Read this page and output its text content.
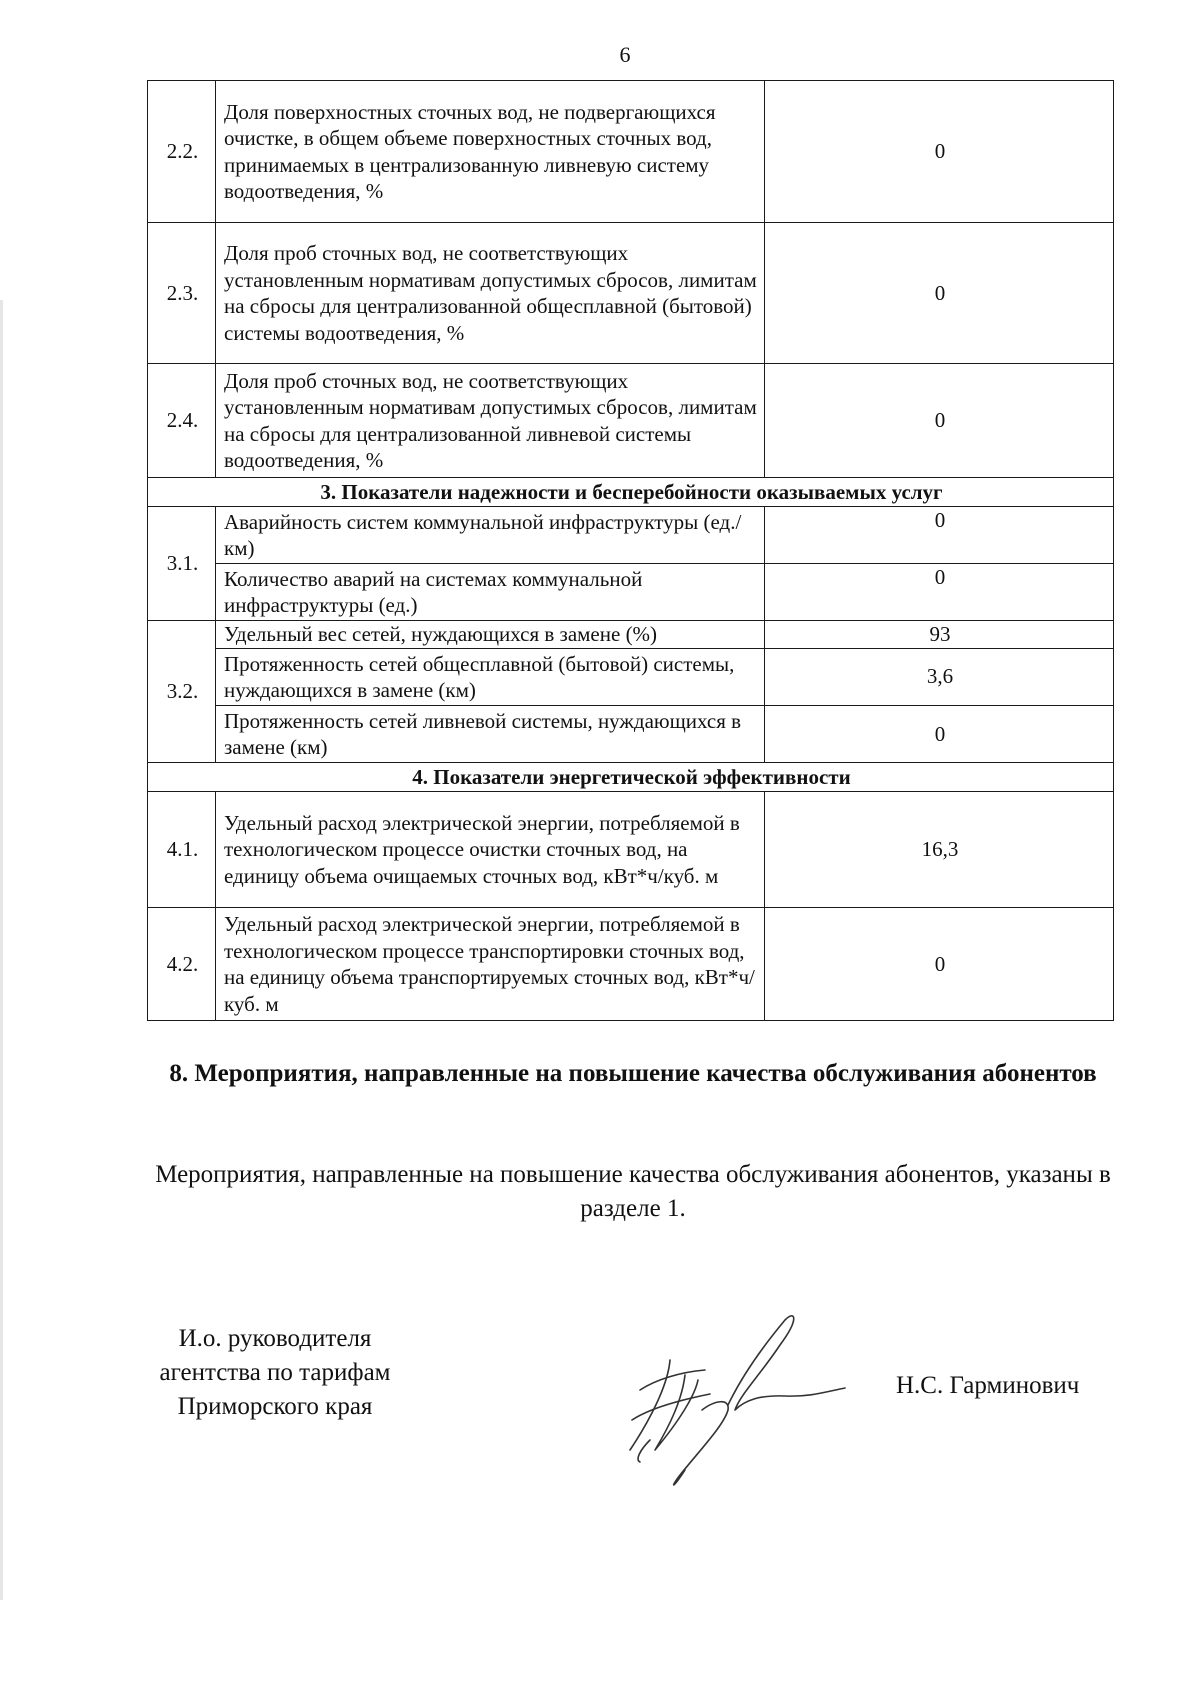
6
2.2.	Доля поверхностных сточных вод, не подвергающихся очистке, в общем объеме поверхностных сточных вод, принимаемых в централизованную ливневую систему водоотведения, %	0
2.3.	Доля проб сточных вод, не соответствующих установленным нормативам допустимых сбросов, лимитам на сбросы для централизованной общесплавной (бытовой) системы водоотведения, %	0
2.4.	Доля проб сточных вод, не соответствующих установленным нормативам допустимых сбросов, лимитам на сбросы для централизованной ливневой системы водоотведения, %	0
3. Показатели надежности и бесперебойности оказываемых услуг		
3.1.	Аварийность систем коммунальной инфраструктуры (ед./км)	0
	Количество аварий на системах коммунальной инфраструктуры (ед.)	0
3.2.	Удельный вес сетей, нуждающихся в замене (%)	93
	Протяженность сетей общесплавной (бытовой) системы, нуждающихся в замене (км)	3,6
	Протяженность сетей ливневой системы, нуждающихся в замене (км)	0
4. Показатели энергетической эффективности		
4.1.	Удельный расход электрической энергии, потребляемой в технологическом процессе очистки сточных вод, на единицу объема очищаемых сточных вод, кВт*ч/куб. м	16,3
4.2.	Удельный расход электрической энергии, потребляемой в технологическом процессе транспортировки сточных вод, на единицу объема транспортируемых сточных вод, кВт*ч/куб. м	0
8. Мероприятия, направленные на повышение качества обслуживания абонентов
Мероприятия, направленные на повышение качества обслуживания абонентов, указаны в разделе 1.
И.о. руководителя
агентства по тарифам
Приморского края
Н.С. Гарминович
